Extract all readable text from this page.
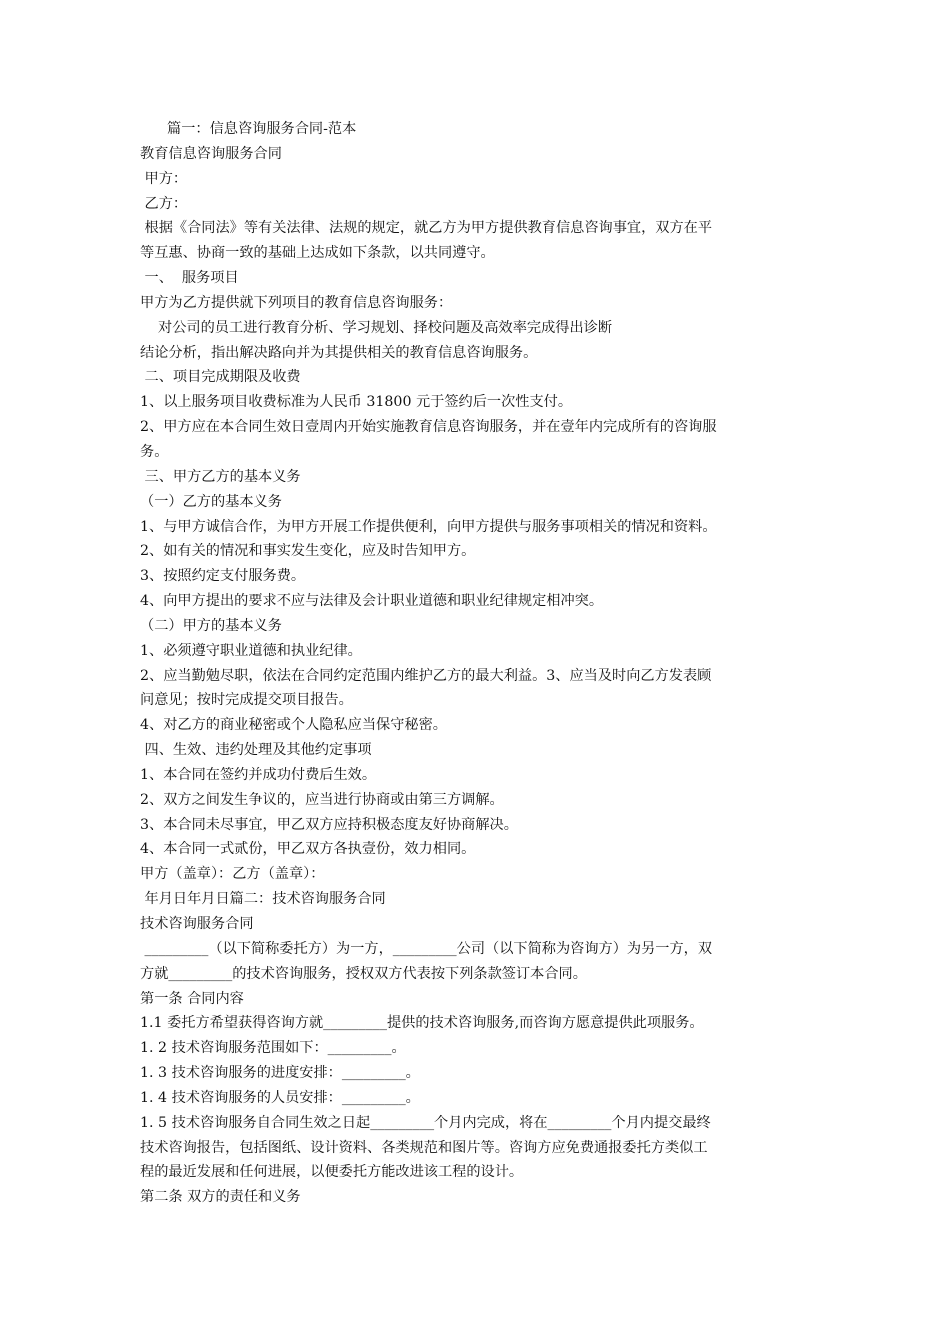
篇一：信息咨询服务合同-范本
教育信息咨询服务合同
甲方：
乙方：
根据《合同法》等有关法律、法规的规定，就乙方为甲方提供教育信息咨询事宜，双方在平
等互惠、协商一致的基础上达成如下条款，以共同遵守。
一、  服务项目
甲方为乙方提供就下列项目的教育信息咨询服务：
对公司的员工进行教育分析、学习规划、择校问题及高效率完成得出诊断
结论分析，指出解决路向并为其提供相关的教育信息咨询服务。
二、项目完成期限及收费
1、以上服务项目收费标准为人民币 31800 元于签约后一次性支付。
2、甲方应在本合同生效日壹周内开始实施教育信息咨询服务，并在壹年内完成所有的咨询服
务。
三、甲方乙方的基本义务
（一）乙方的基本义务
1、与甲方诚信合作，为甲方开展工作提供便利，向甲方提供与服务事项相关的情况和资料。
2、如有关的情况和事实发生变化，应及时告知甲方。
3、按照约定支付服务费。
4、向甲方提出的要求不应与法律及会计职业道德和职业纪律规定相冲突。
（二）甲方的基本义务
1、必须遵守职业道德和执业纪律。
2、应当勤勉尽职，依法在合同约定范围内维护乙方的最大利益。3、应当及时向乙方发表顾
问意见；按时完成提交项目报告。
4、对乙方的商业秘密或个人隐私应当保守秘密。
四、生效、违约处理及其他约定事项
1、本合同在签约并成功付费后生效。
2、双方之间发生争议的，应当进行协商或由第三方调解。
3、本合同未尽事宜，甲乙双方应持积极态度友好协商解决。
4、本合同一式贰份，甲乙双方各执壹份，效力相同。
甲方（盖章）：乙方（盖章）：
年月日年月日篇二：技术咨询服务合同
技术咨询服务合同
_________（以下简称委托方）为一方，_________公司（以下简称为咨询方）为另一方，双
方就_________的技术咨询服务，授权双方代表按下列条款签订本合同。
第一条 合同内容
1.1 委托方希望获得咨询方就_________提供的技术咨询服务,而咨询方愿意提供此项服务。
1. 2 技术咨询服务范围如下：_________。
1. 3 技术咨询服务的进度安排：_________。
1. 4 技术咨询服务的人员安排：_________。
1. 5 技术咨询服务自合同生效之日起_________个月内完成，将在_________个月内提交最终
技术咨询报告，包括图纸、设计资料、各类规范和图片等。咨询方应免费通报委托方类似工
程的最近发展和任何进展，以便委托方能改进该工程的设计。
第二条 双方的责任和义务
